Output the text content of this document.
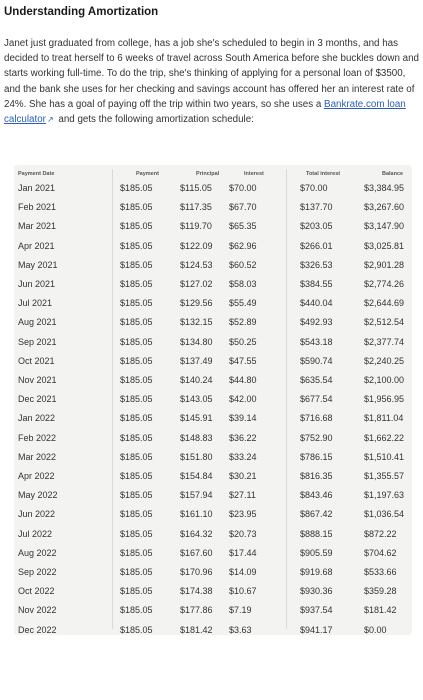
Understanding Amortization
Janet just graduated from college, has a job she's scheduled to begin in 3 months, and has decided to treat herself to 6 weeks of travel across South America before she buckles down and starts working full-time. To do the trip, she's thinking of applying for a personal loan of $3500, and the bank she uses for her checking and savings account has offered her an interest rate of 24%. She has a goal of paying off the trip within two years, so she uses a Bankrate.com loan calculator↗ and gets the following amortization schedule:
Payment Date	Payment	Principal	Interest	Total interest	Balance
Jan 2021	$185.05	$115.05 $70.00	$70.00	$3,384.95
Feb 2021	$185.05	$117.35 $67.70	$137.70	$3,267.60
Mar 2021	$185.05	$119.70 $65.35	$203.05	$3,147.90
Apr 2021	$185.05	$122.09 $62.96	$266.01	$3,025.81
May 2021	$185.05	$124.53 $60.52	$326.53	$2,901.28
Jun 2021	$185.05	$127.02 $58.03	$384.55	$2,774.26
Jul 2021	$185.05	$129.56 $55.49	$440.04	$2,644.69
Aug 2021	$185.05	$132.15 $52.89	$492.93	$2,512.54
Sep 2021	$185.05	$134.80 $50.25	$543.18	$2,377.74
Oct 2021	$185.05	$137.49 $47.55	$590.74	$2,240.25
Nov 2021	$185.05	$140.24 $44.80	$635.54	$2,100.00
Dec 2021	$185.05	$143.05 $42.00	$677.54	$1,956.95
Jan 2022	$185.05	$145.91 $39.14	$716.68	$1,811.04
Feb 2022	$185.05	$148.83 $36.22	$752.90	$1,662.22
Mar 2022	$185.05	$151.80 $33.24	$786.15	$1,510.41
Apr 2022	$185.05	$154.84 $30.21	$816.35	$1,355.57
May 2022	$185.05	$157.94 $27.11	$843.46	$1,197.63
Jun 2022	$185.05	$161.10 $23.95	$867.42	$1,036.54
Jul 2022	$185.05	$164.32 $20.73	$888.15	$872.22
Aug 2022	$185.05	$167.60 $17.44	$905.59	$704.62
Sep 2022	$185.05	$170.96 $14.09	$919.68	$533.66
Oct 2022	$185.05	$174.38 $10.67	$930.36	$359.28
Nov 2022	$185.05	$177.86 $7.19	$937.54	$181.42
Dec 2022	$185.05	$181.42 $3.63	$941.17	$0.00
